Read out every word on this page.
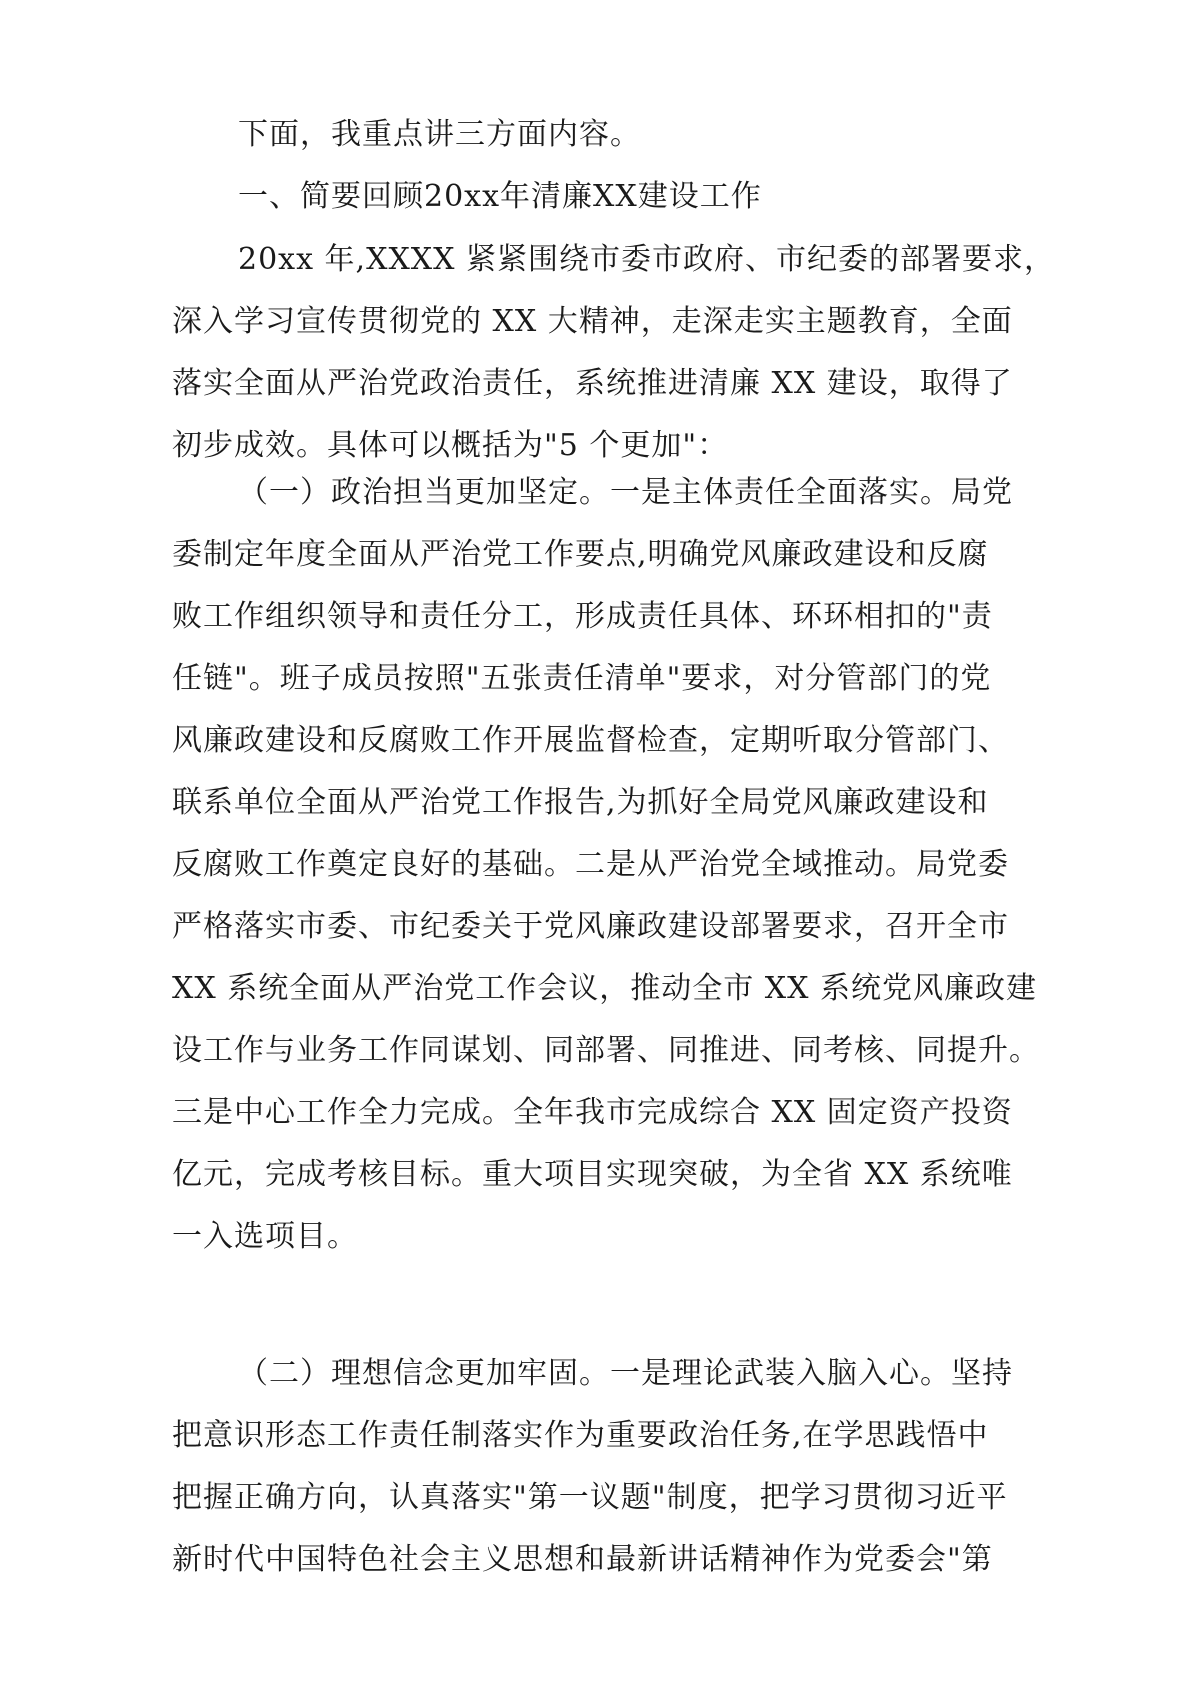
下面，我重点讲三方面内容。
一、简要回顾20xx年清廉XX建设工作
20xx 年,XXXX 紧紧围绕市委市政府、市纪委的部署要求，
深入学习宣传贯彻党的 XX 大精神，走深走实主题教育，全面
落实全面从严治党政治责任，系统推进清廉 XX 建设，取得了
初步成效。具体可以概括为"5 个更加"：
（一）政治担当更加坚定。一是主体责任全面落实。局党
委制定年度全面从严治党工作要点,明确党风廉政建设和反腐
败工作组织领导和责任分工，形成责任具体、环环相扣的"责
任链"。班子成员按照"五张责任清单"要求，对分管部门的党
风廉政建设和反腐败工作开展监督检查，定期听取分管部门、
联系单位全面从严治党工作报告,为抓好全局党风廉政建设和
反腐败工作奠定良好的基础。二是从严治党全域推动。局党委
严格落实市委、市纪委关于党风廉政建设部署要求，召开全市
XX 系统全面从严治党工作会议，推动全市 XX 系统党风廉政建
设工作与业务工作同谋划、同部署、同推进、同考核、同提升。
三是中心工作全力完成。全年我市完成综合 XX 固定资产投资
亿元，完成考核目标。重大项目实现突破，为全省 XX 系统唯
一入选项目。
（二）理想信念更加牢固。一是理论武装入脑入心。坚持
把意识形态工作责任制落实作为重要政治任务,在学思践悟中
把握正确方向，认真落实"第一议题"制度，把学习贯彻习近平
新时代中国特色社会主义思想和最新讲话精神作为党委会"第
